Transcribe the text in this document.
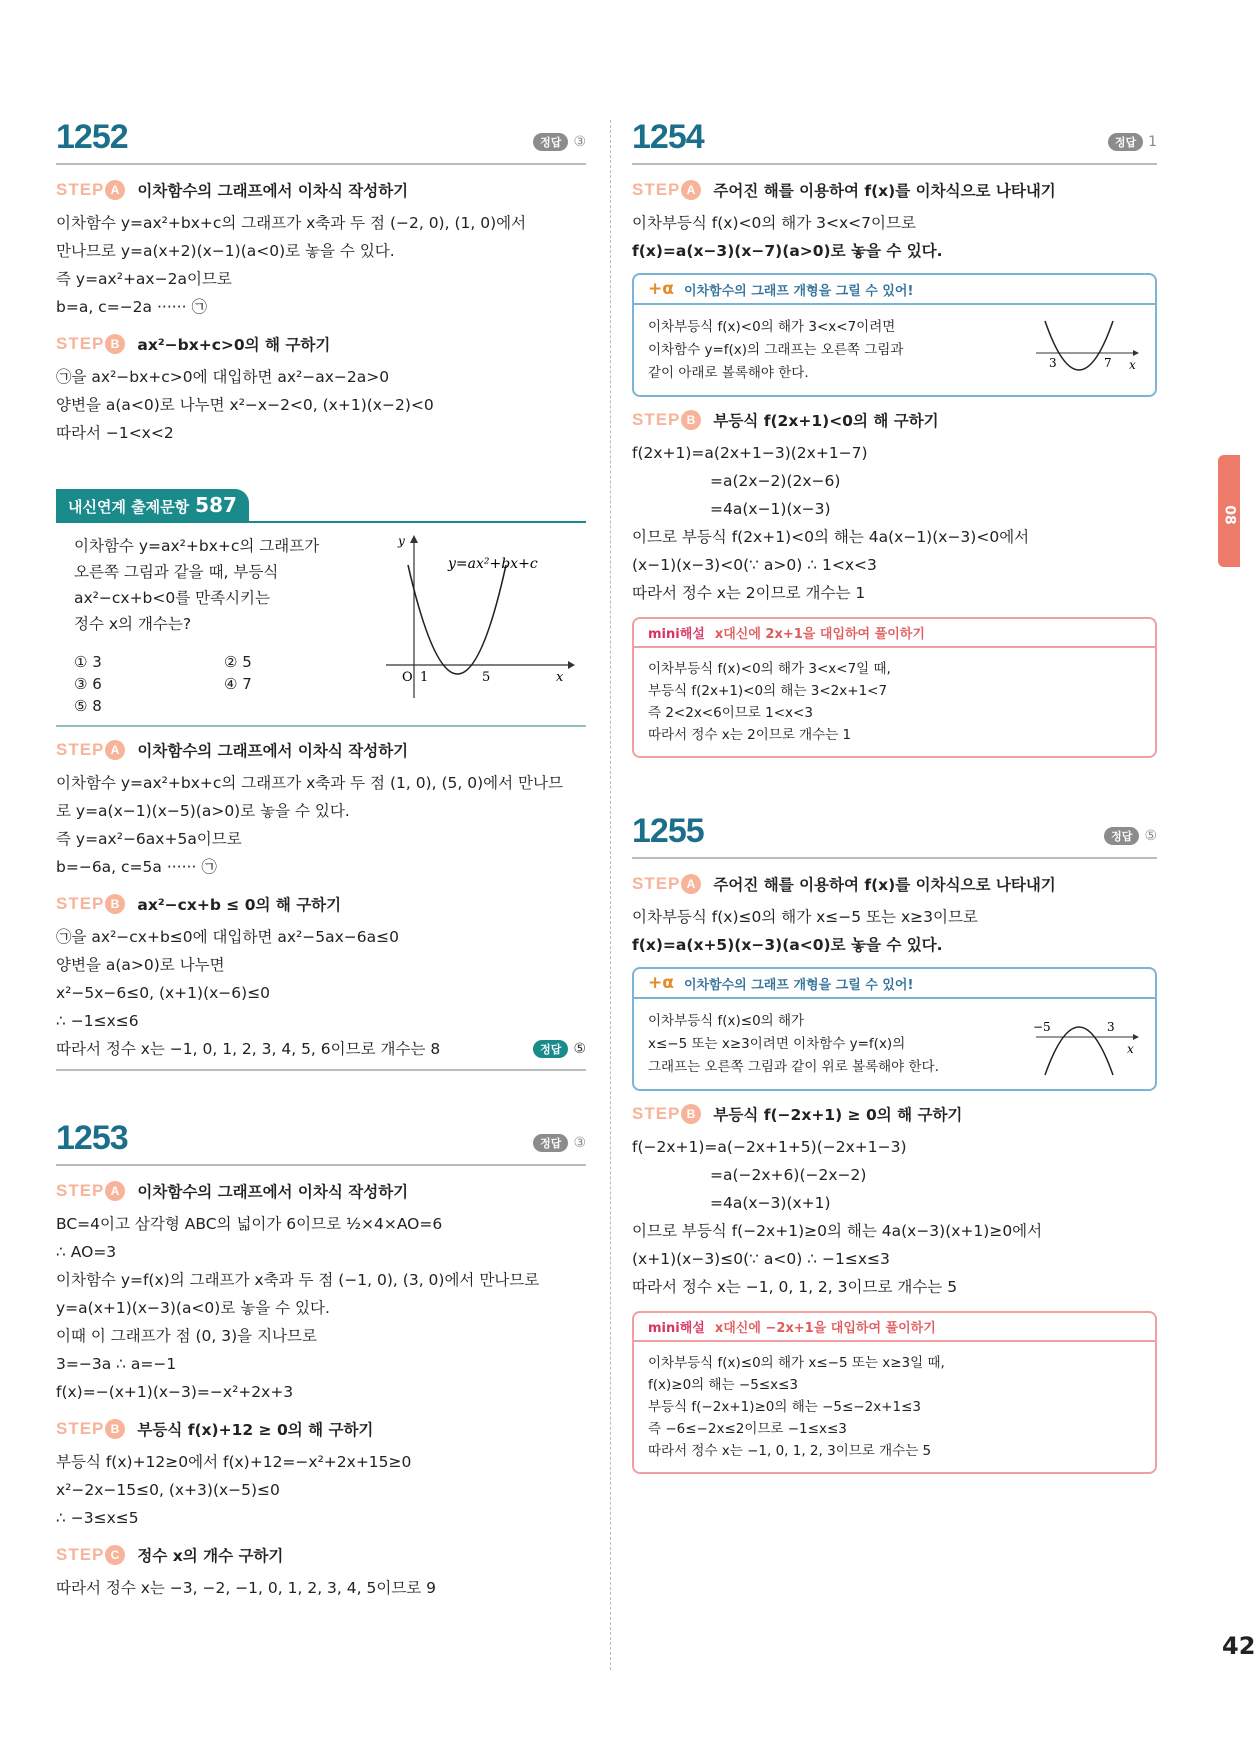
1252	정답 ③
STEP A	이차함수의 그래프에서 이차식 작성하기
이차함수 y=ax²+bx+c의 그래프가 x축과 두 점 (−2, 0), (1, 0)에서
만나므로 y=a(x+2)(x−1)(a<0)로 놓을 수 있다.
즉 y=ax²+ax−2a이므로
b=a, c=−2a ······ ㉠
STEP B	ax²−bx+c>0의 해 구하기
㉠을 ax²−bx+c>0에 대입하면 ax²−ax−2a>0
양변을 a(a<0)로 나누면 x²−x−2<0, (x+1)(x−2)<0
따라서 −1<x<2
내신연계 출제문항 587
이차함수 y=ax²+bx+c의 그래프가
오른쪽 그림과 같을 때, 부등식
ax²−cx+b<0를 만족시키는
정수 x의 개수는?
① 3	② 5
③ 6	④ 7
⑤ 8
y
y=ax²+bx+c
O 1	5	x
STEP A	이차함수의 그래프에서 이차식 작성하기
이차함수 y=ax²+bx+c의 그래프가 x축과 두 점 (1, 0), (5, 0)에서 만나므
로 y=a(x−1)(x−5)(a>0)로 놓을 수 있다.
즉 y=ax²−6ax+5a이므로
b=−6a, c=5a ······ ㉠
STEP B	ax²−cx+b ≤ 0의 해 구하기
㉠을 ax²−cx+b≤0에 대입하면 ax²−5ax−6a≤0
양변을 a(a>0)로 나누면
x²−5x−6≤0, (x+1)(x−6)≤0
∴ −1≤x≤6
따라서 정수 x는 −1, 0, 1, 2, 3, 4, 5, 6이므로 개수는 8	정답 ⑤
1253	정답 ③
STEP A	이차함수의 그래프에서 이차식 작성하기
BC=4이고 삼각형 ABC의 넓이가 6이므로 ½×4×AO=6
∴ AO=3
이차함수 y=f(x)의 그래프가 x축과 두 점 (−1, 0), (3, 0)에서 만나므로
y=a(x+1)(x−3)(a<0)로 놓을 수 있다.
이때 이 그래프가 점 (0, 3)을 지나므로
3=−3a ∴ a=−1
f(x)=−(x+1)(x−3)=−x²+2x+3
STEP B	부등식 f(x)+12 ≥ 0의 해 구하기
부등식 f(x)+12≥0에서 f(x)+12=−x²+2x+15≥0
x²−2x−15≤0, (x+3)(x−5)≤0
∴ −3≤x≤5
STEP C	정수 x의 개수 구하기
따라서 정수 x는 −3, −2, −1, 0, 1, 2, 3, 4, 5이므로 9
1254	정답 1
STEP A	주어진 해를 이용하여 f(x)를 이차식으로 나타내기
이차부등식 f(x)<0의 해가 3<x<7이므로
f(x)=a(x−3)(x−7)(a>0)로 놓을 수 있다.
+α 이차함수의 그래프 개형을 그릴 수 있어!
이차부등식 f(x)<0의 해가 3<x<7이려면
이차함수 y=f(x)의 그래프는 오른쪽 그림과
같이 아래로 볼록해야 한다.
3	7 x
STEP B	부등식 f(2x+1)<0의 해 구하기
f(2x+1)=a(2x+1−3)(2x+1−7)
=a(2x−2)(2x−6)
=4a(x−1)(x−3)
이므로 부등식 f(2x+1)<0의 해는 4a(x−1)(x−3)<0에서
(x−1)(x−3)<0(∵ a>0) ∴ 1<x<3
따라서 정수 x는 2이므로 개수는 1
mini해설 x대신에 2x+1을 대입하여 풀이하기
이차부등식 f(x)<0의 해가 3<x<7일 때,
부등식 f(2x+1)<0의 해는 3<2x+1<7
즉 2<2x<6이므로 1<x<3
따라서 정수 x는 2이므로 개수는 1
1255	정답 ⑤
STEP A	주어진 해를 이용하여 f(x)를 이차식으로 나타내기
이차부등식 f(x)≤0의 해가 x≤−5 또는 x≥3이므로
f(x)=a(x+5)(x−3)(a<0)로 놓을 수 있다.
+α 이차함수의 그래프 개형을 그릴 수 있어!
이차부등식 f(x)≤0의 해가
x≤−5 또는 x≥3이려면 이차함수 y=f(x)의
그래프는 오른쪽 그림과 같이 위로 볼록해야 한다.
−5	3
x
STEP B	부등식 f(−2x+1) ≥ 0의 해 구하기
f(−2x+1)=a(−2x+1+5)(−2x+1−3)
=a(−2x+6)(−2x−2)
=4a(x−3)(x+1)
이므로 부등식 f(−2x+1)≥0의 해는 4a(x−3)(x+1)≥0에서
(x+1)(x−3)≤0(∵ a<0) ∴ −1≤x≤3
따라서 정수 x는 −1, 0, 1, 2, 3이므로 개수는 5
mini해설 x대신에 −2x+1을 대입하여 풀이하기
이차부등식 f(x)≤0의 해가 x≤−5 또는 x≥3일 때,
f(x)≥0의 해는 −5≤x≤3
부등식 f(−2x+1)≥0의 해는 −5≤−2x+1≤3
즉 −6≤−2x≤2이므로 −1≤x≤3
따라서 정수 x는 −1, 0, 1, 2, 3이므로 개수는 5
08
42
